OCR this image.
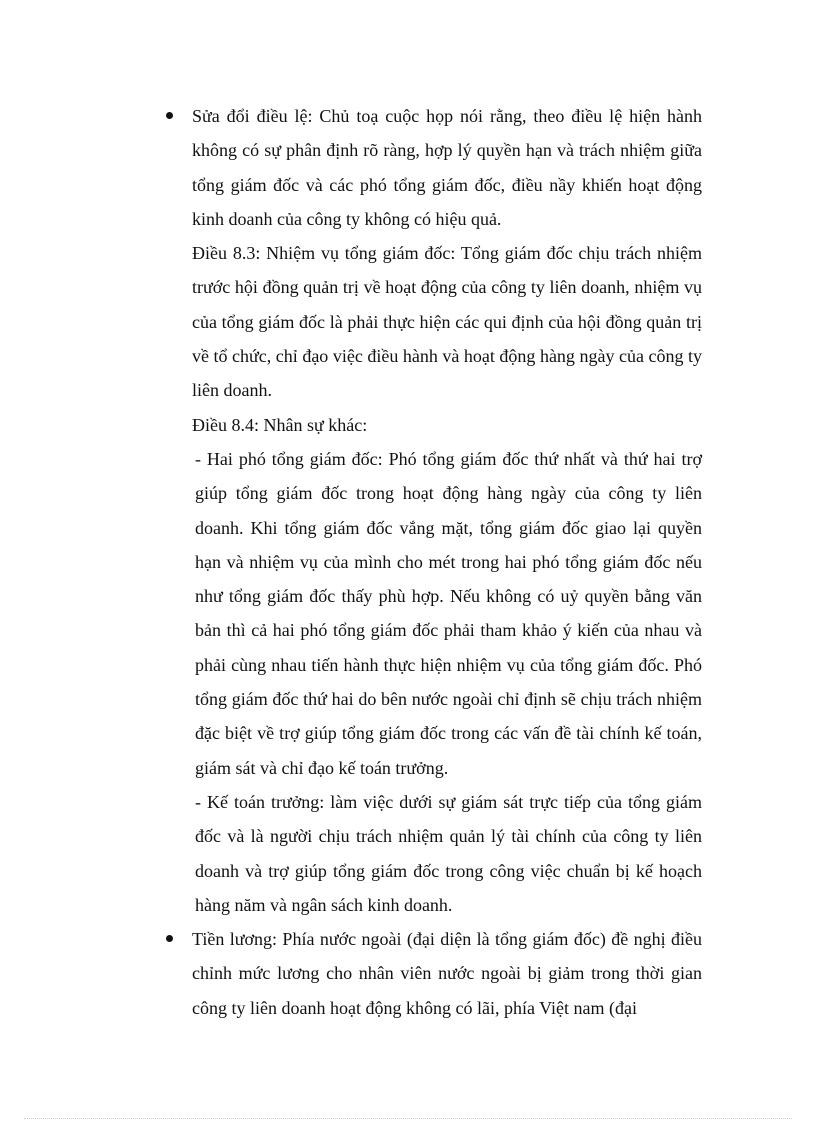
Sửa đổi điều lệ: Chủ toạ cuộc họp nói rằng, theo điều lệ hiện hành không có sự phân định rõ ràng, hợp lý quyền hạn và trách nhiệm giữa tổng giám đốc và các phó tổng giám đốc, điều nầy khiến hoạt động kinh doanh của công ty không có hiệu quả.

Điều 8.3: Nhiệm vụ tổng giám đốc: Tổng giám đốc chịu trách nhiệm trước hội đồng quản trị về hoạt động của công ty liên doanh, nhiệm vụ của tổng giám đốc là phải thực hiện các qui định của hội đồng quản trị về tổ chức, chỉ đạo việc điều hành và hoạt động hàng ngày của công ty liên doanh.

Điều 8.4: Nhân sự khác:

- Hai phó tổng giám đốc: Phó tổng giám đốc thứ nhất và thứ hai trợ giúp tổng giám đốc trong hoạt động hàng ngày của công ty liên doanh. Khi tổng giám đốc vắng mặt, tổng giám đốc giao lại quyền hạn và nhiệm vụ của mình cho mét trong hai phó tổng giám đốc nếu như tổng giám đốc thấy phù hợp. Nếu không có uỷ quyền bằng văn bản thì cả hai phó tổng giám đốc phải tham khảo ý kiến của nhau và phải cùng nhau tiến hành thực hiện nhiệm vụ của tổng giám đốc. Phó tổng giám đốc thứ hai do bên nước ngoài chỉ định sẽ chịu trách nhiệm đặc biệt về trợ giúp tổng giám đốc trong các vấn đề tài chính kế toán, giám sát và chỉ đạo kế toán trưởng.

- Kế toán trưởng: làm việc dưới sự giám sát trực tiếp của tổng giám đốc và là người chịu trách nhiệm quản lý tài chính của công ty liên doanh và trợ giúp tổng giám đốc trong công việc chuẩn bị kế hoạch hàng năm và ngân sách kinh doanh.

Tiền lương: Phía nước ngoài (đại diện là tổng giám đốc) đề nghị điều chỉnh mức lương cho nhân viên nước ngoài bị giảm trong thời gian công ty liên doanh hoạt động không có lãi, phía Việt nam (đại
